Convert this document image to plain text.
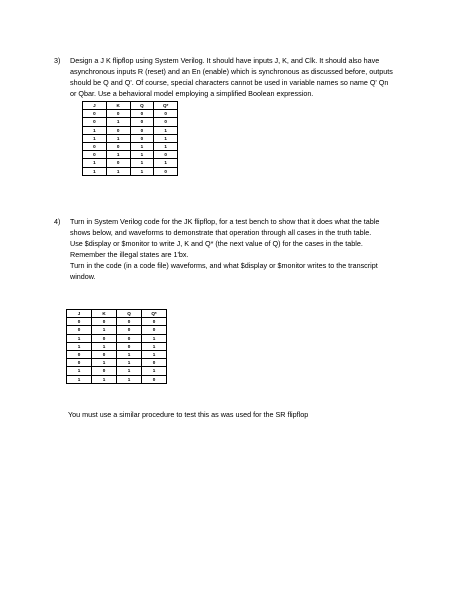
3) Design a J K flipflop using System Verilog. It should have inputs J, K, and Clk. It should also have
asynchronous inputs R (reset) and an En (enable) which is synchronous as discussed before, outputs
should be Q and Q'. Of course, special characters cannot be used in variable names so name Q' Qn
or Qbar. Use a behavioral model employing a simplified Boolean expression.
J	K	Q	Q*
0	0	0	0
0	1	0	0
1	0	0	1
1	1	0	1
0	0	1	1
0	1	1	0
1	0	1	1
1	1	1	0
4) Turn in System Verilog code for the JK flipflop, for a test bench to show that it does what the table
shows below, and waveforms to demonstrate that operation through all cases in the truth table.
Use $display or $monitor to write J, K and Q* (the next value of Q) for the cases in the table.
Remember the illegal states are 1'bx.
Turn in the code (in a code file) waveforms, and what $display or $monitor writes to the transcript
window.
J	K	Q	Q*
0	0	0	0
0	1	0	0
1	0	0	1
1	1	0	1
0	0	1	1
0	1	1	0
1	0	1	1
1	1	1	0
You must use a similar procedure to test this as was used for the SR flipflop
